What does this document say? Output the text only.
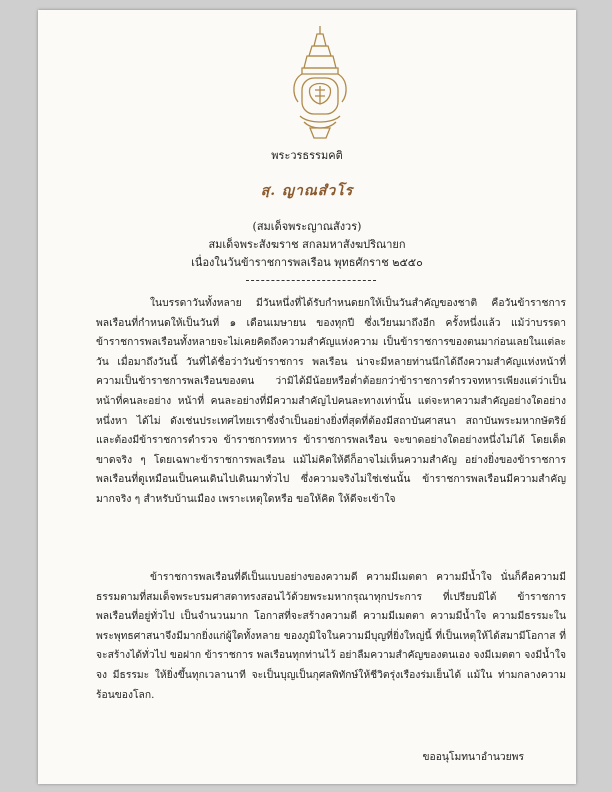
พระวรธรรมคติ
สฺ. ญาณสํวโร
(สมเด็จพระญาณสังวร)
สมเด็จพระสังฆราช สกลมหาสังฆปริณายก
เนื่องในวันข้าราชการพลเรือน พุทธศักราช ๒๕๕๐

ในบรรดาวันทั้งหลาย มีวันหนึ่งที่ได้รับกำหนดยกให้เป็นวันสำคัญของชาติ คือวันข้าราชการพลเรือนที่กำหนดให้เป็นวันที่ ๑ เดือนเมษายน ของทุกปี ซึ่งเวียนมาถึงอีก ครั้งหนึ่งแล้ว แม้ว่าบรรดาข้าราชการพลเรือนทั้งหลายจะไม่เคยคิดถึงความสำคัญแห่งความ เป็นข้าราชการของตนมาก่อนเลยในแต่ละวัน เมื่อมาถึงวันนี้ วันที่ได้ชื่อว่าวันข้าราชการ พลเรือน น่าจะมีหลายท่านนึกได้ถึงความสำคัญแห่งหน้าที่ความเป็นข้าราชการพลเรือนของตน ว่ามิได้มีน้อยหรือต่ำต้อยกว่าข้าราชการตำรวจทหารเพียงแต่ว่าเป็นหน้าที่คนละอย่าง หน้าที่ คนละอย่างที่มีความสำคัญไปคนละทางเท่านั้น แต่จะหาความสำคัญอย่างใดอย่างหนึ่งหา ได้ไม่ ดังเช่นประเทศไทยเราซึ่งจำเป็นอย่างยิ่งที่สุดที่ต้องมีสถาบันศาสนา สถาบันพระมหากษัตริย์ และต้องมีข้าราชการตำรวจ ข้าราชการทหาร ข้าราชการพลเรือน จะขาดอย่างใดอย่างหนึ่งไม่ได้ โดยเด็ดขาดจริง ๆ โดยเฉพาะข้าราชการพลเรือน แม้ไม่คิดให้ดีก็อาจไม่เห็นความสำคัญ อย่างยิ่งของข้าราชการพลเรือนที่ดูเหมือนเป็นคนเดินไปเดินมาทั่วไป ซึ่งความจริงไม่ใช่เช่นนั้น ข้าราชการพลเรือนมีความสำคัญมากจริง ๆ สำหรับบ้านเมือง เพราะเหตุใดหรือ ขอให้คิด ให้ดีจะเข้าใจ

ข้าราชการพลเรือนที่ดีเป็นแบบอย่างของความดี ความมีเมตตา ความมีน้ำใจ นั่นก็คือความมีธรรมตามที่สมเด็จพระบรมศาสดาทรงสอนไว้ด้วยพระมหากรุณาทุกประการ ที่เปรียบมิได้ ข้าราชการพลเรือนที่อยู่ทั่วไป เป็นจำนวนมาก โอกาสที่จะสร้างความดี ความมีเมตตา ความมีน้ำใจ ความมีธรรมะในพระพุทธศาสนาจึงมีมากยิ่งแก่ผู้ใดทั้งหลาย ของภูมิใจในความมีบุญที่ยิ่งใหญ่นี้ ที่เป็นเหตุให้ได้สมามีโอกาส ที่จะสร้างได้ทั่วไป ขอฝาก ข้าราชการ พลเรือนทุกท่านไว้ อย่าลืมความสำคัญของตนเอง จงมีเมตตา จงมีน้ำใจ จง มีธรรมะ ให้ยิ่งขึ้นทุกเวลานาที จะเป็นบุญเป็นกุศลพิทักษ์ให้ชีวิตรุ่งเรืองร่มเย็นได้ แม้ใน ท่ามกลางความร้อนของโลก.

ขออนุโมทนาอำนวยพร
